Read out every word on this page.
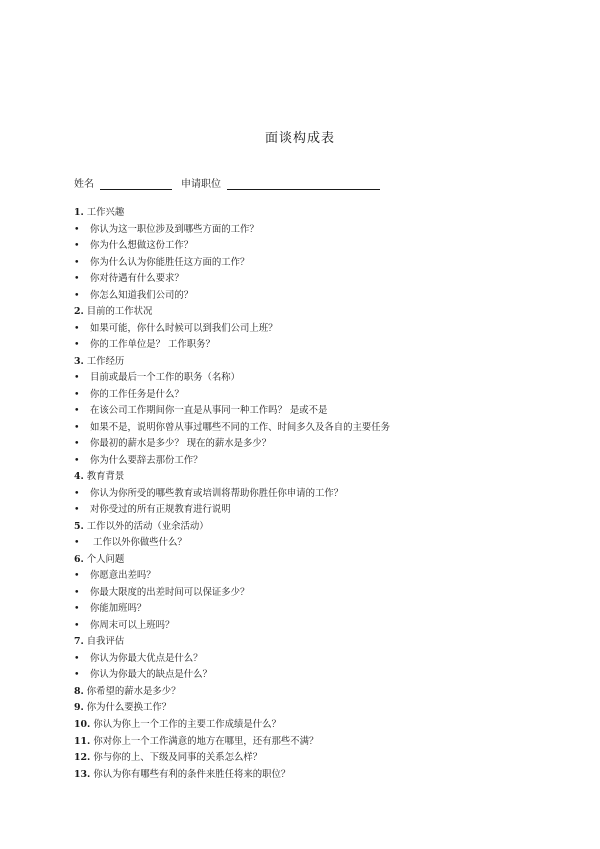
面谈构成表
姓名	申请职位
1. 工作兴趣
• 你认为这一职位涉及到哪些方面的工作？
• 你为什么想做这份工作？
• 你为什么认为你能胜任这方面的工作？
• 你对待遇有什么要求？
• 你怎么知道我们公司的？
2. 目前的工作状况
• 如果可能，你什么时候可以到我们公司上班？
• 你的工作单位是？ 工作职务？
3. 工作经历
• 目前或最后一个工作的职务（名称）
• 你的工作任务是什么？
• 在该公司工作期间你一直是从事同一种工作吗？ 是或不是
• 如果不是，说明你曾从事过哪些不同的工作、时间多久及各自的主要任务
• 你最初的薪水是多少？ 现在的薪水是多少？
• 你为什么要辞去那份工作？
4. 教育背景
• 你认为你所受的哪些教育或培训将帮助你胜任你申请的工作？
• 对你受过的所有正规教育进行说明
5. 工作以外的活动（业余活动）
• 工作以外你做些什么？
6. 个人问题
• 你愿意出差吗？
• 你最大限度的出差时间可以保证多少？
• 你能加班吗？
• 你周末可以上班吗？
7. 自我评估
• 你认为你最大优点是什么？
• 你认为你最大的缺点是什么？
8. 你希望的薪水是多少？
9. 你为什么要换工作？
10. 你认为你上一个工作的主要工作成绩是什么？
11. 你对你上一个工作满意的地方在哪里，还有那些不满？
12. 你与你的上、下级及同事的关系怎么样？
13. 你认为你有哪些有利的条件来胜任将来的职位？
